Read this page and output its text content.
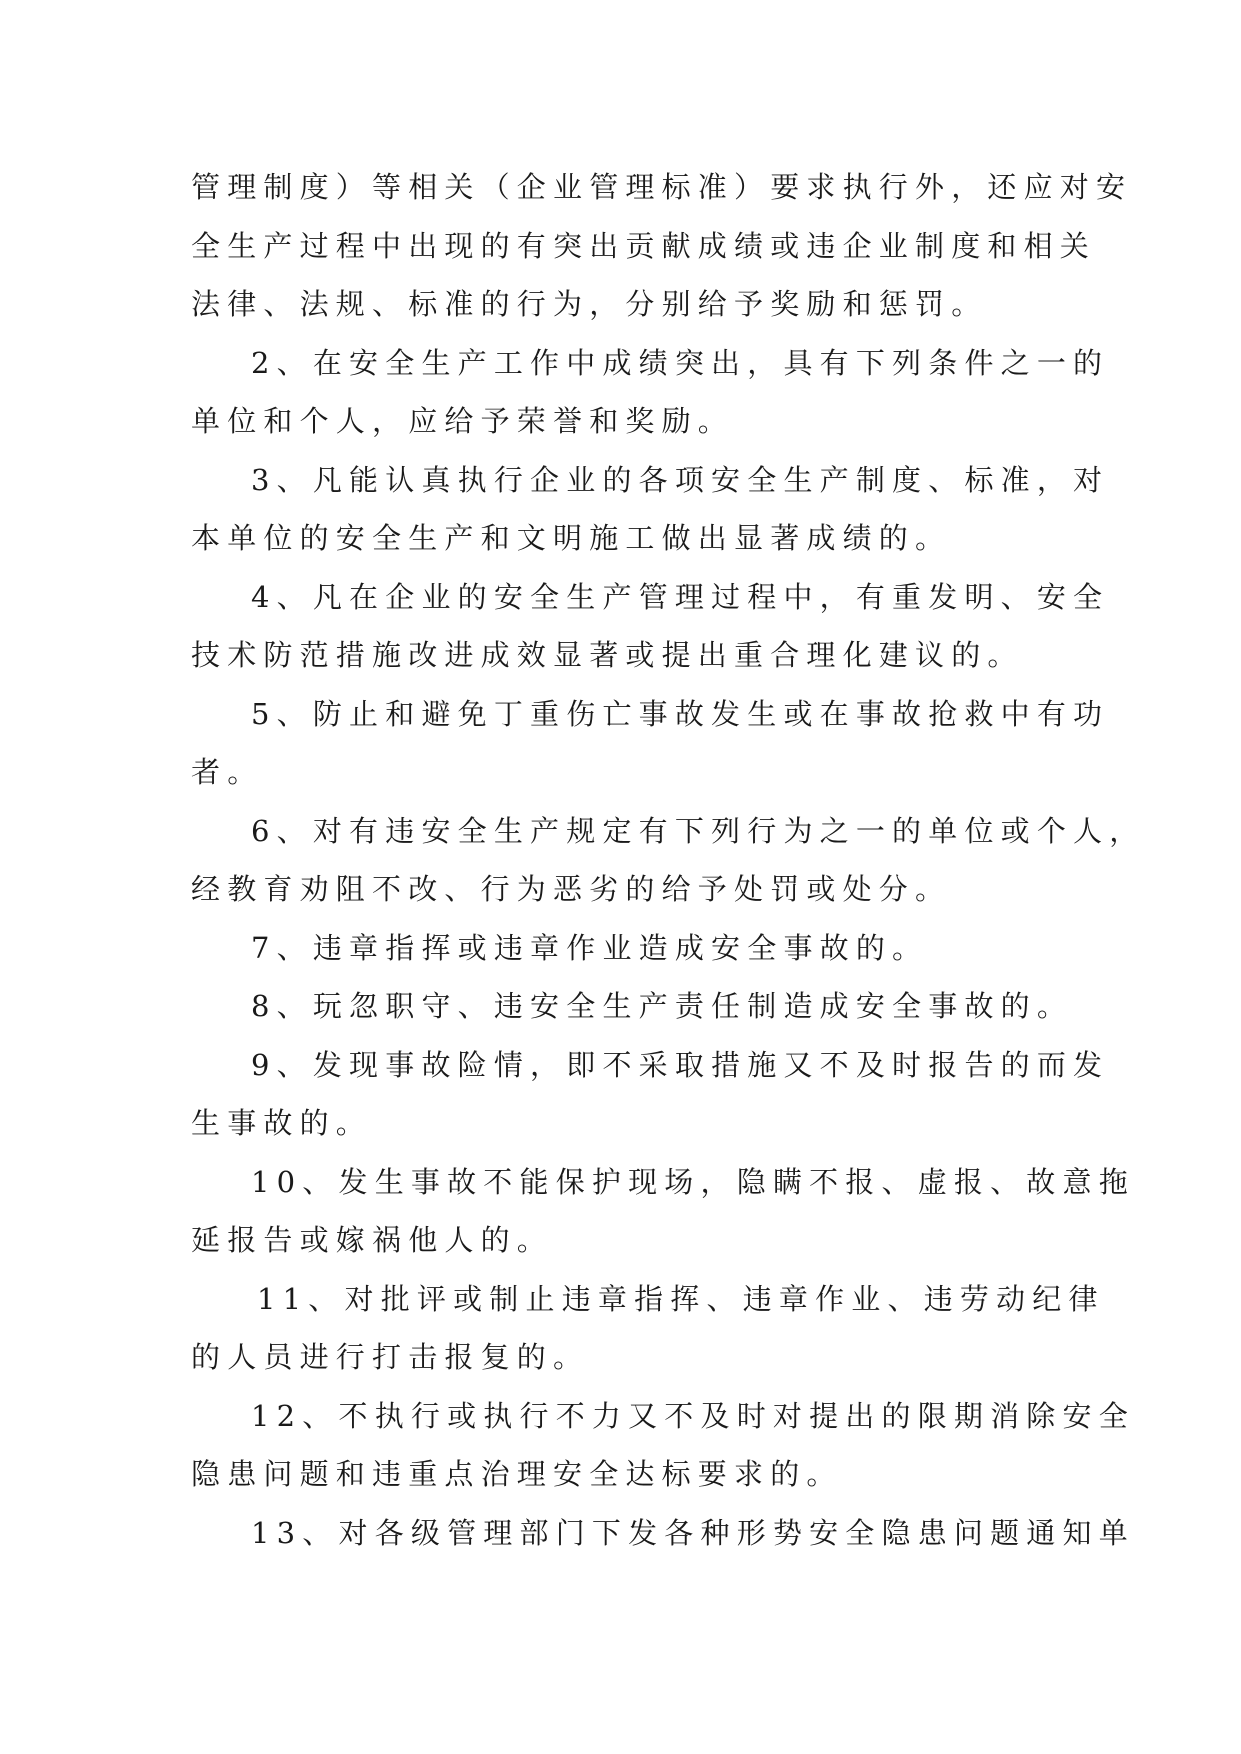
管理制度）等相关（企业管理标准）要求执行外，还应对安
全生产过程中出现的有突出贡献成绩或违企业制度和相关
法律、法规、标准的行为，分别给予奖励和惩罚。
2、在安全生产工作中成绩突出，具有下列条件之一的
单位和个人，应给予荣誉和奖励。
3、凡能认真执行企业的各项安全生产制度、标准，对
本单位的安全生产和文明施工做出显著成绩的。
4、凡在企业的安全生产管理过程中，有重发明、安全
技术防范措施改进成效显著或提出重合理化建议的。
5、防止和避免丁重伤亡事故发生或在事故抢救中有功
者。
6、对有违安全生产规定有下列行为之一的单位或个人，
经教育劝阻不改、行为恶劣的给予处罚或处分。
7、违章指挥或违章作业造成安全事故的。
8、玩忽职守、违安全生产责任制造成安全事故的。
9、发现事故险情，即不采取措施又不及时报告的而发
生事故的。
10、发生事故不能保护现场，隐瞒不报、虚报、故意拖
延报告或嫁祸他人的。
11、对批评或制止违章指挥、违章作业、违劳动纪律
的人员进行打击报复的。
12、不执行或执行不力又不及时对提出的限期消除安全
隐患问题和违重点治理安全达标要求的。
13、对各级管理部门下发各种形势安全隐患问题通知单
